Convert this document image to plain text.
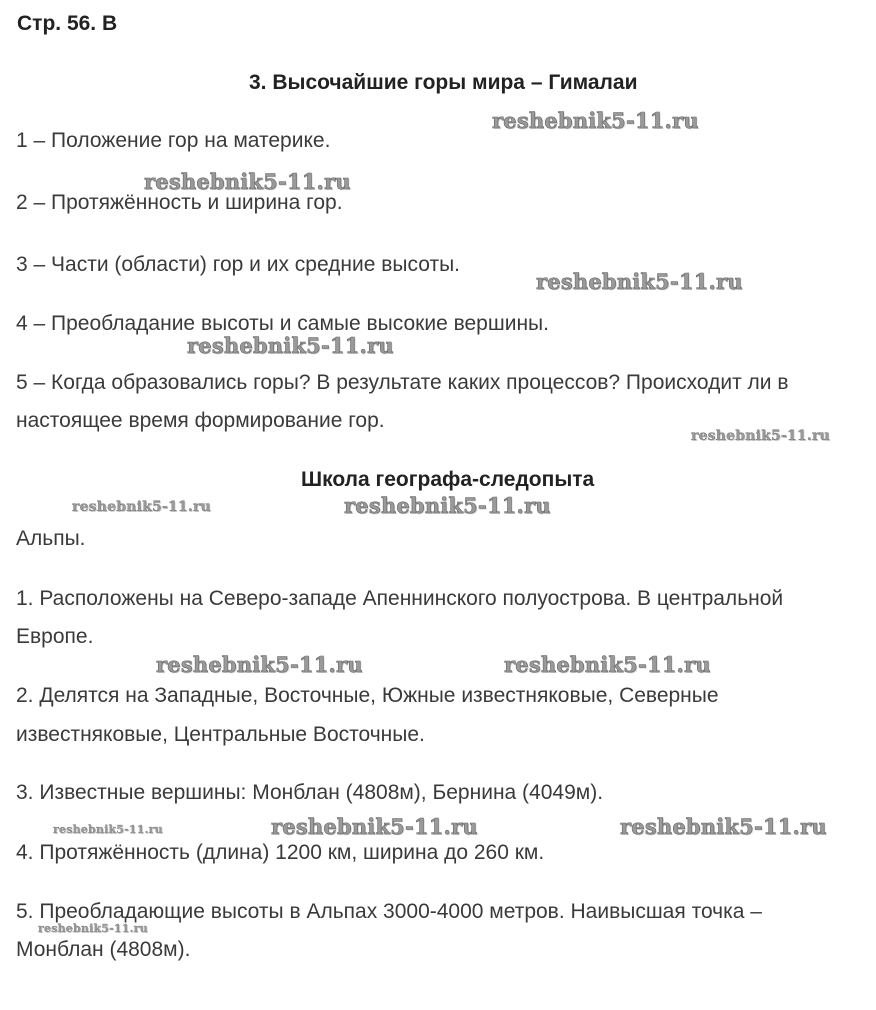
Стр. 56. В
3. Высочайшие горы мира – Гималаи
1 – Положение гор на материке.
2 – Протяжённость и ширина гор.
3 – Части (области) гор и их средние высоты.
4 – Преобладание высоты и самые высокие вершины.
5 – Когда образовались горы? В результате каких процессов? Происходит ли в
настоящее время формирование гор.
Школа географа-следопыта
Альпы.
1. Расположены на Северо-западе Апеннинского полуострова. В центральной
Европе.
2. Делятся на Западные, Восточные, Южные известняковые, Северные
известняковые, Центральные Восточные.
3. Известные вершины: Монблан (4808м), Бернина (4049м).
4. Протяжённость (длина) 1200 км, ширина до 260 км.
5. Преобладающие высоты в Альпах 3000-4000 метров. Наивысшая точка –
Монблан (4808м).
reshebnik5-11.ru
reshebnik5-11.ru
reshebnik5-11.ru
reshebnik5-11.ru
reshebnik5-11.ru
reshebnik5-11.ru	reshebnik5-11.ru
reshebnik5-11.ru	reshebnik5-11.ru
reshebnik5-11.ru	reshebnik5-11.ru	reshebnik5-11.ru
reshebnik5-11.ru
